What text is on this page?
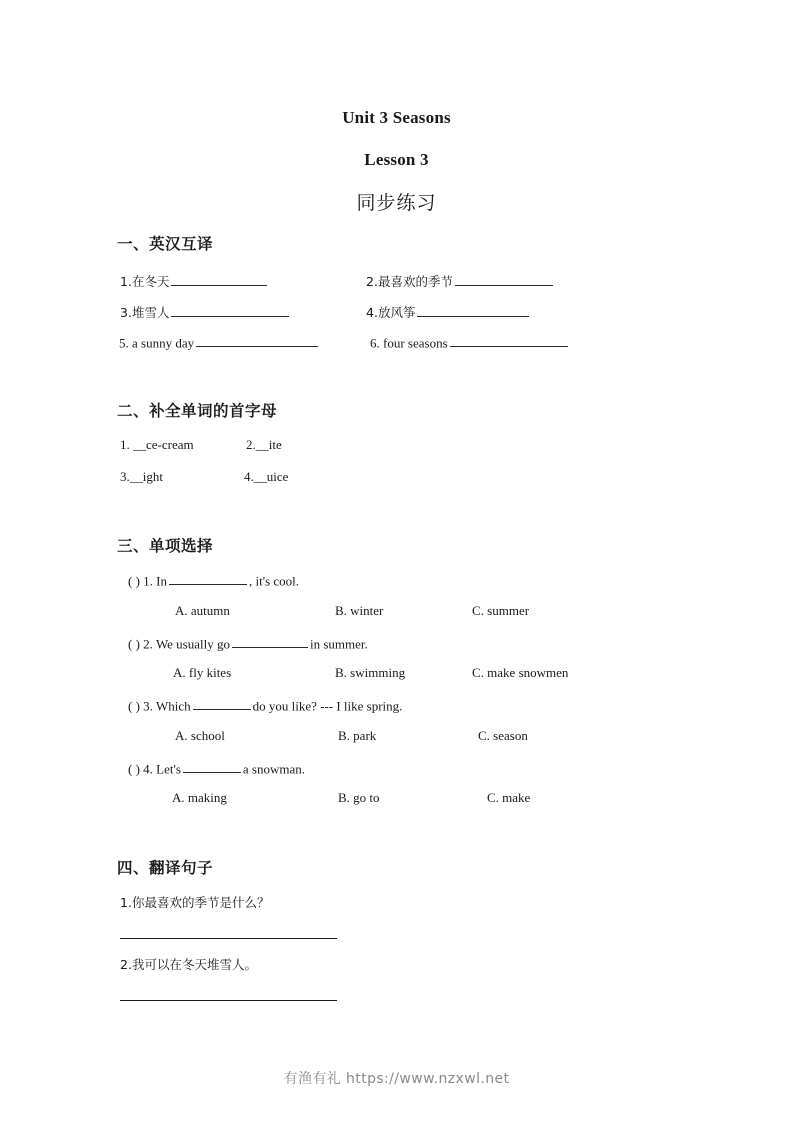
Unit 3 Seasons
Lesson 3
同步练习
一、英汉互译
1.在冬天	2.最喜欢的季节
3.堆雪人	4.放风筝
5. a sunny day	6. four seasons
二、补全单词的首字母
1. __ce-cream	2.__ite
3.__ight	4.__uice
三、单项选择
( ) 1. In	, it's cool.
A. autumn	B. winter	C. summer
( ) 2. We usually go	in summer.
A. fly kites	B. swimming	C. make snowmen
( ) 3. Which	do you like? --- I like spring.
A. school	B. park	C. season
( ) 4. Let's	a snowman.
A. making	B. go to	C. make
四、翻译句子
1.你最喜欢的季节是什么？
2.我可以在冬天堆雪人。
有渔有礼 https://www.nzxwl.net
